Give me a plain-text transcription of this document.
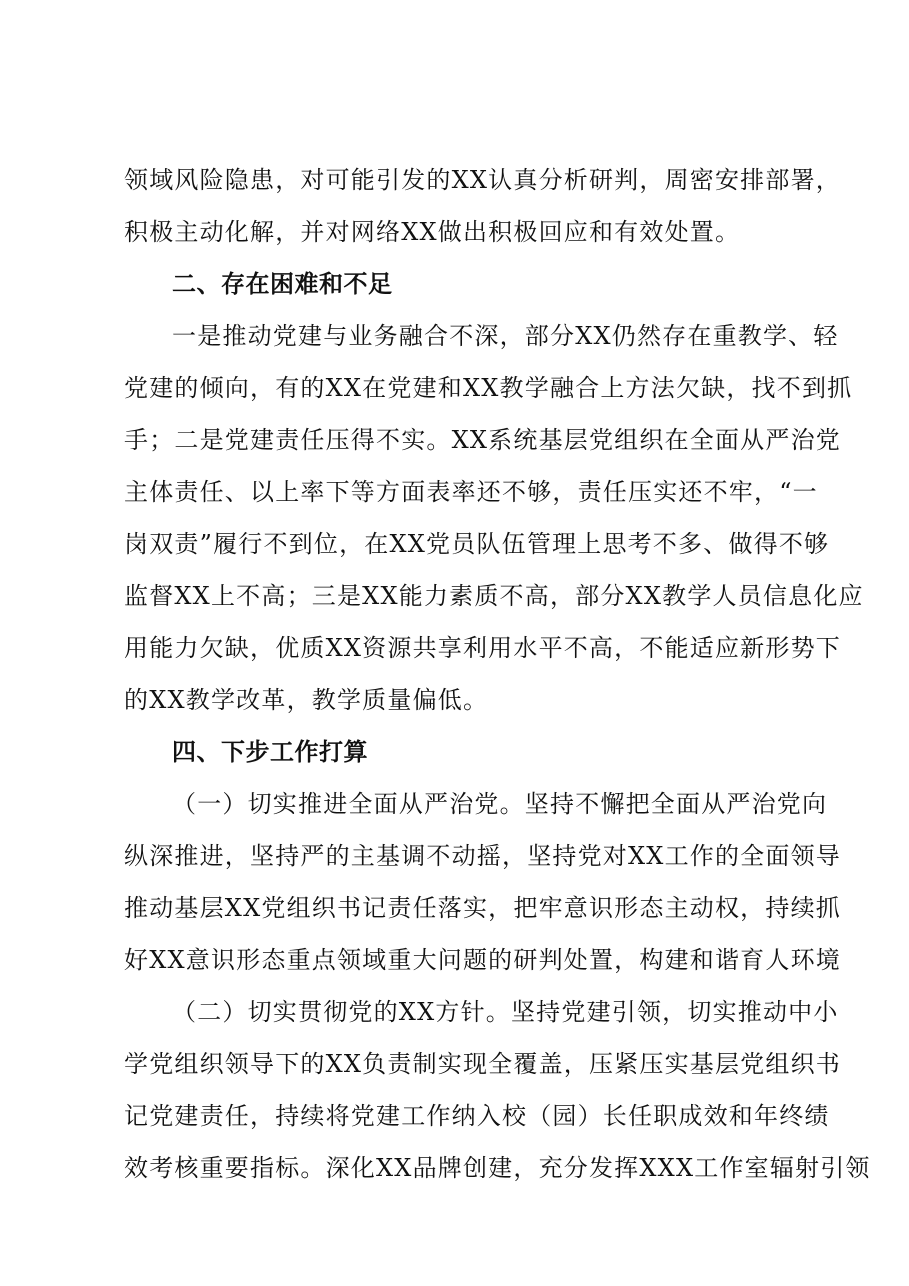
领域风险隐患，对可能引发的XX认真分析研判，周密安排部署，
积极主动化解，并对网络XX做出积极回应和有效处置。
二、存在困难和不足
一是推动党建与业务融合不深，部分XX仍然存在重教学、轻
党建的倾向，有的XX在党建和XX教学融合上方法欠缺，找不到抓
手；二是党建责任压得不实。XX系统基层党组织在全面从严治党
主体责任、以上率下等方面表率还不够，责任压实还不牢，“一
岗双责”履行不到位，在XX党员队伍管理上思考不多、做得不够
监督XX上不高；三是XX能力素质不高，部分XX教学人员信息化应
用能力欠缺，优质XX资源共享利用水平不高，不能适应新形势下
的XX教学改革，教学质量偏低。
四、下步工作打算
（一）切实推进全面从严治党。坚持不懈把全面从严治党向
纵深推进，坚持严的主基调不动摇，坚持党对XX工作的全面领导
推动基层XX党组织书记责任落实，把牢意识形态主动权，持续抓
好XX意识形态重点领域重大问题的研判处置，构建和谐育人环境
（二）切实贯彻党的XX方针。坚持党建引领，切实推动中小
学党组织领导下的XX负责制实现全覆盖，压紧压实基层党组织书
记党建责任，持续将党建工作纳入校（园）长任职成效和年终绩
效考核重要指标。深化XX品牌创建，充分发挥XXX工作室辐射引领
